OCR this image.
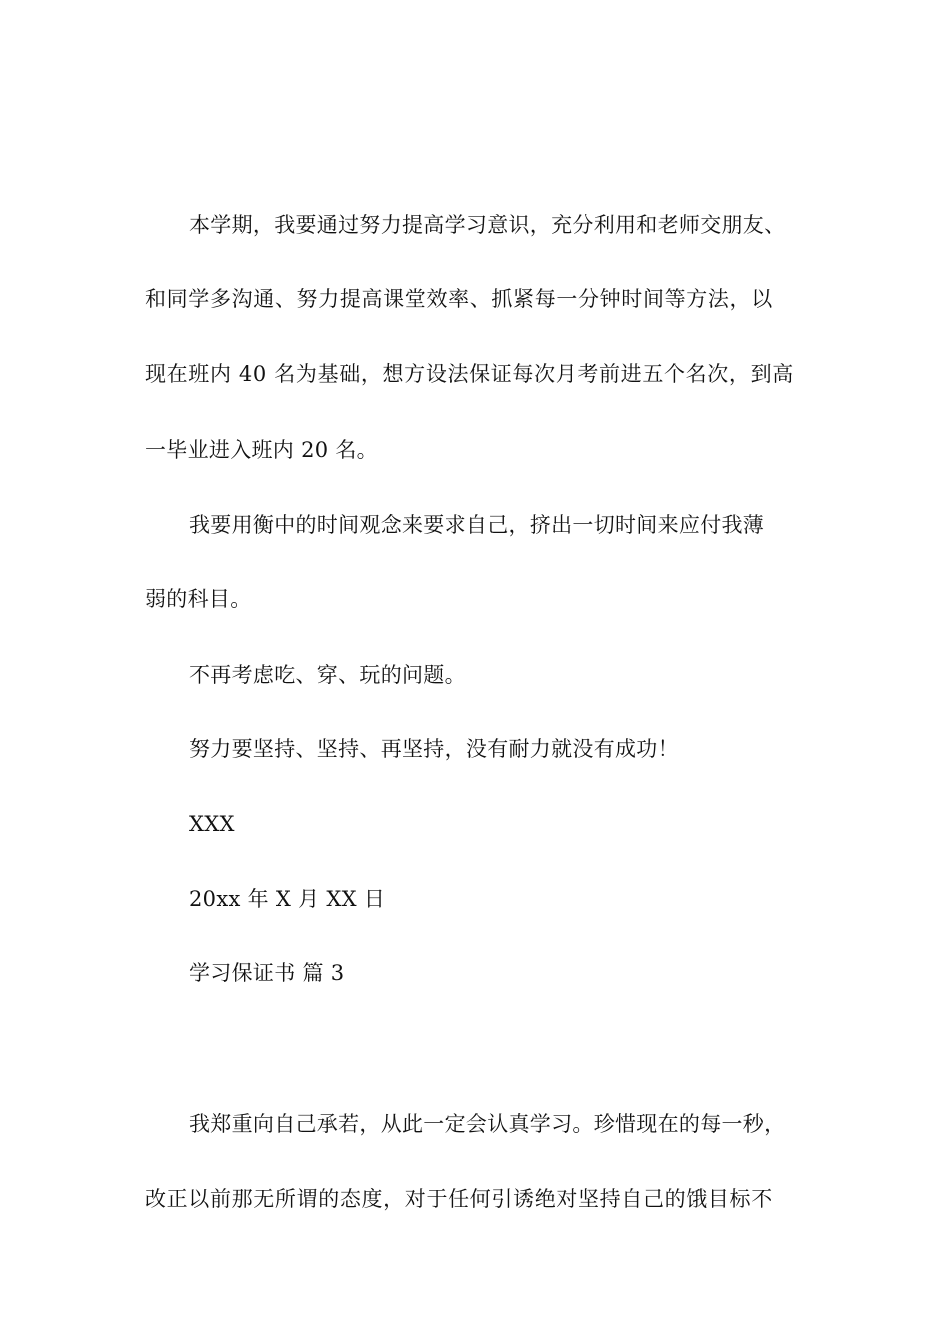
本学期，我要通过努力提高学习意识，充分利用和老师交朋友、
和同学多沟通、努力提高课堂效率、抓紧每一分钟时间等方法，以
现在班内 40 名为基础，想方设法保证每次月考前进五个名次，到高
一毕业进入班内 20 名。
我要用衡中的时间观念来要求自己，挤出一切时间来应付我薄
弱的科目。
不再考虑吃、穿、玩的问题。
努力要坚持、坚持、再坚持，没有耐力就没有成功！
XXX
20xx 年 X 月 XX 日
学习保证书 篇 3
我郑重向自己承若，从此一定会认真学习。珍惜现在的每一秒，
改正以前那无所谓的态度，对于任何引诱绝对坚持自己的饿目标不
